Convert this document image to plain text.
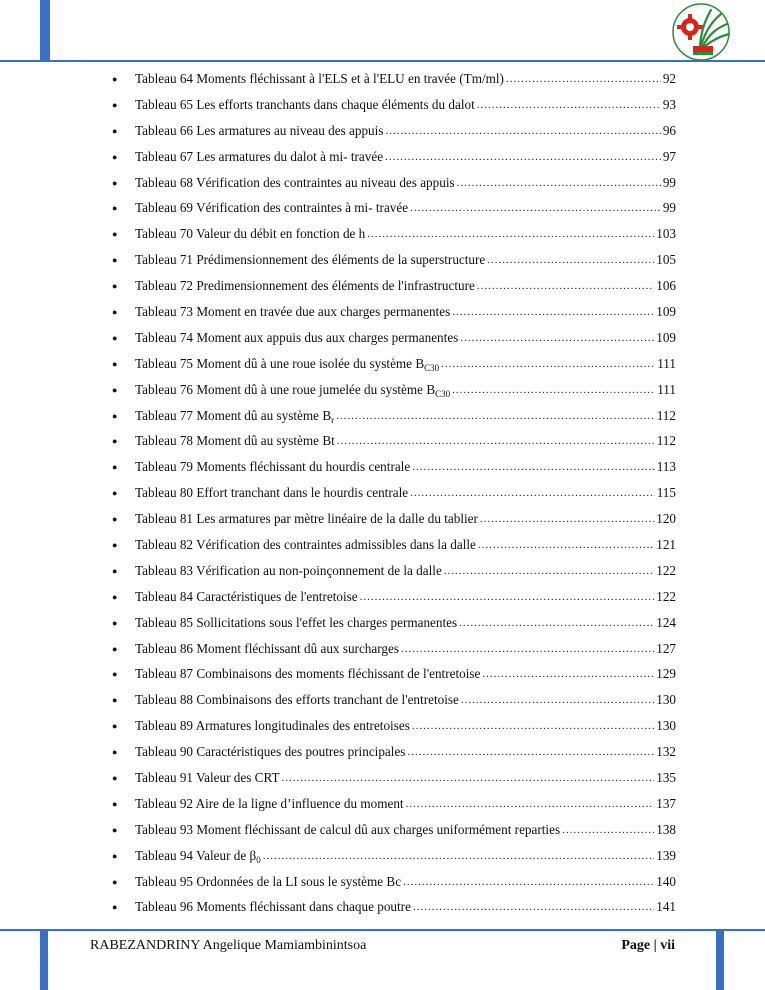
● Tableau 64 Moments fléchissant à l'ELS et à l'ELU en travée (Tm/ml) .....	92
● Tableau 65 Les efforts tranchants dans chaque éléments du dalot .....	93
● Tableau 66 Les armatures au niveau des appuis .....	96
● Tableau 67 Les armatures du dalot à mi- travée .....	97
● Tableau 68 Vérification des contraintes au niveau des appuis .....	99
● Tableau 69 Vérification des contraintes à mi- travée .....	99
● Tableau 70 Valeur du débit en fonction de h .....	103
● Tableau 71 Prédimensionnement des éléments de la superstructure .....	105
● Tableau 72 Predimensionnement des éléments de l'infrastructure .....	106
● Tableau 73 Moment en travée due aux charges permanentes .....	109
● Tableau 74 Moment aux appuis dus aux charges permanentes .....	109
● Tableau 75 Moment dû à une roue isolée du système $B_{C30}$ .....	111
● Tableau 76 Moment dû à une roue jumelée du système $B_{C30}$ .....	111
● Tableau 77 Moment dû au système $B_r$ .....	112
● Tableau 78 Moment dû au système Bt .....	112
● Tableau 79 Moments fléchissant du hourdis centrale .....	113
● Tableau 80 Effort tranchant dans le hourdis centrale .....	115
● Tableau 81 Les armatures par mètre linéaire de la dalle du tablier .....	120
● Tableau 82 Vérification des contraintes admissibles dans la dalle .....	121
● Tableau 83 Vérification au non-poinçonnement de la dalle .....	122
● Tableau 84 Caractéristiques de l'entretoise .....	122
● Tableau 85 Sollicitations sous l'effet les charges permanentes .....	124
● Tableau 86 Moment fléchissant dû aux surcharges .....	127
● Tableau 87 Combinaisons des moments fléchissant de l'entretoise .....	129
● Tableau 88 Combinaisons des efforts tranchant de l'entretoise .....	130
● Tableau 89 Armatures longitudinales des entretoises .....	130
● Tableau 90 Caractéristiques des poutres principales .....	132
● Tableau 91 Valeur des CRT .....	135
● Tableau 92 Aire de la ligne d’influence du moment .....	137
● Tableau 93 Moment fléchissant de calcul dû aux charges uniformément reparties .....	138
● Tableau 94 Valeur de $\beta_0$ .....	139
● Tableau 95 Ordonnées de la LI sous le système Bc .....	140
● Tableau 96 Moments fléchissant dans chaque poutre .....	141
RABEZANDRINY Angelique Mamiambinintsoa	Page | vii
